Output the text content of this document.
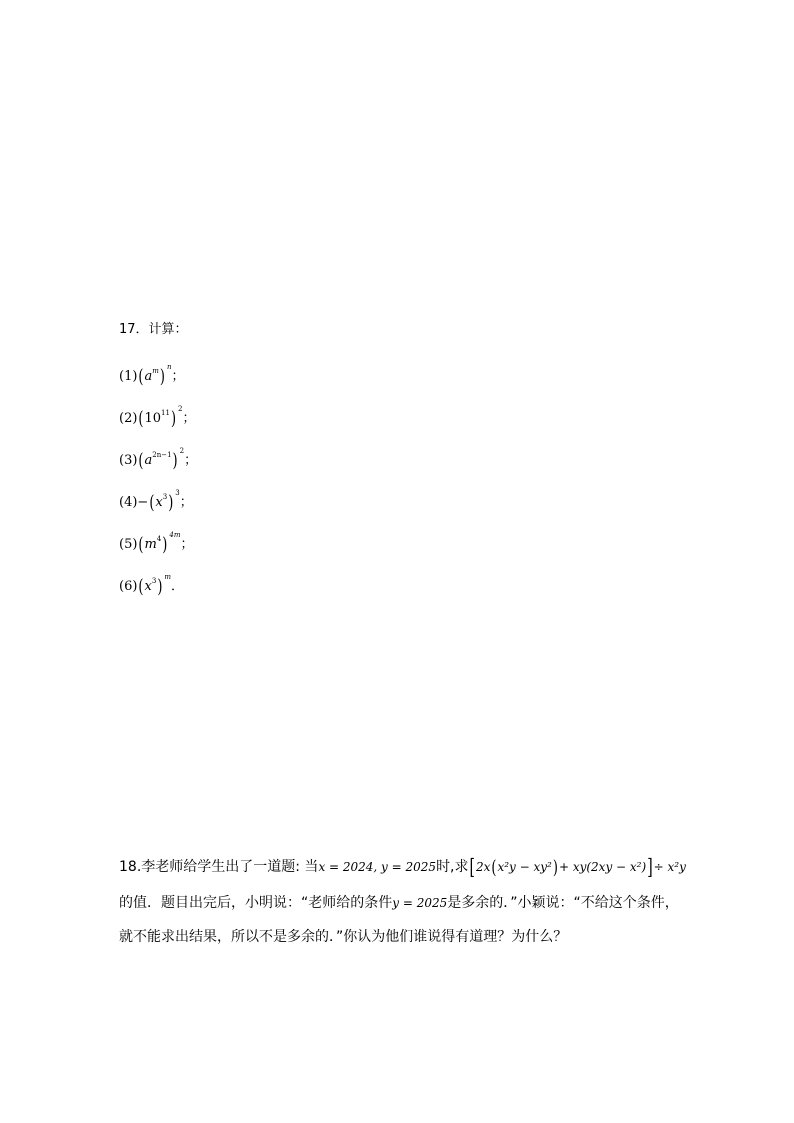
17．计算：
$(1)(a^m)$ $^n$；
$(2)(10^{11})$ $^2$；
$(3)(a^{2n-1})$ $^2$；
$(4)-(x^3)$ $^3$；
$(5)(m^4)$ $^{4m}$；
$(6)(x^3)$ $^m$．
18.李老师给学生出了一道题: 当x = 2024, y = 2025时,求[2x(x²y − xy²)+ xy(2xy − x²)]÷ x²y
的值．题目出完后，小明说：“老师给的条件y = 2025是多余的．”小颖说：“不给这个条件，
就不能求出结果，所以不是多余的．”你认为他们谁说得有道理？为什么？
